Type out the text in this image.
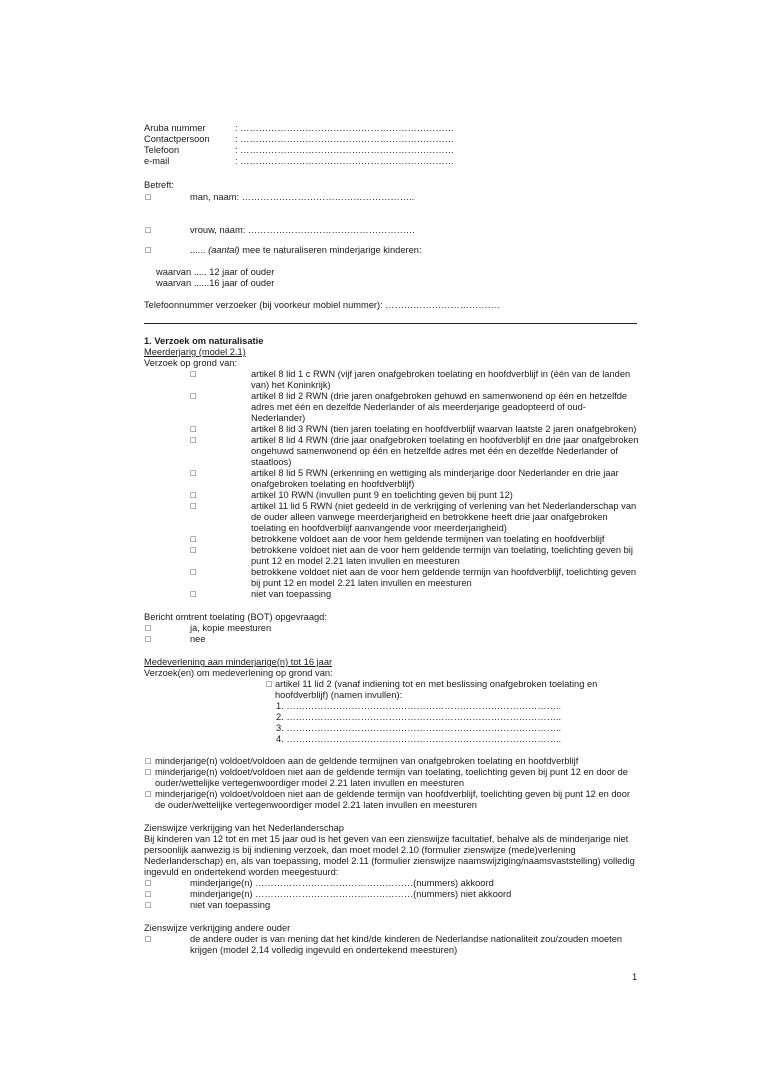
Aruba nummer	: ……………………………………………………………
Contactpersoon	: ……………………………………………………………
Telefoon	: ……………………………………………………………
e-mail	: ……………………………………………………………
Betreft:
□	man, naam: ………………………………………………..
□	vrouw, naam: ………………………………………………
□	...... (aantal) mee te naturaliseren minderjarige kinderen:
waarvan ..... 12 jaar of ouder
waarvan ......16 jaar of ouder
Telefoonnummer verzoeker (bij voorkeur mobiel nummer): ……………………………….
1. Verzoek om naturalisatie
Meerderjarig (model 2.1)
Verzoek op grond van:
□	artikel 8 lid 1 c RWN (vijf jaren onafgebroken toelating en hoofdverblijf in (één van de landen van) het Koninkrijk)
□	artikel 8 lid 2 RWN (drie jaren onafgebroken gehuwd en samenwonend op één en hetzelfde adres met één en dezelfde Nederlander of als meerderjarige geadopteerd of oud-Nederlander)
□	artikel 8 lid 3 RWN (tien jaren toelating en hoofdverblijf waarvan laatste 2 jaren onafgebroken)
□	artikel 8 lid 4 RWN (drie jaar onafgebroken toelating en hoofdverblijf en drie jaar onafgebroken ongehuwd samenwonend op één en hetzelfde adres met één en dezelfde Nederlander of staatloos)
□	artikel 8 lid 5 RWN (erkenning en wettiging als minderjarige door Nederlander en drie jaar onafgebroken toelating en hoofdverblijf)
□	artikel 10 RWN (invullen punt 9 en toelichting geven bij punt 12)
□	artikel 11 lid 5 RWN (niet gedeeld in de verkrijging of verlening van het Nederlanderschap van de ouder alleen vanwege meerderjarigheid en betrokkene heeft drie jaar onafgebroken toelating en hoofdverblijf aanvangende voor meerderjarigheid)
□	betrokkene voldoet aan de voor hem geldende termijnen van toelating en hoofdverblijf
□	betrokkene voldoet niet aan de voor hem geldende termijn van toelating, toelichting geven bij punt 12 en model 2.21 laten invullen en meesturen
□	betrokkene voldoet niet aan de voor hem geldende termijn van hoofdverblijf, toelichting geven bij punt 12 en model 2.21 laten invullen en meesturen
□	niet van toepassing
Bericht omtrent toelating (BOT) opgevraagd:
□	ja, kopie meesturen
□	nee
Medeverlening aan minderjarige(n) tot 16 jaar
Verzoek(en) om medeverlening op grond van:
□ artikel 11 lid 2 (vanaf indiening tot en met beslissing onafgebroken toelating en hoofdverblijf) (namen invullen):
1. ……………………………………………………………………………..
2. ……………………………………………………………………………..
3. ……………………………………………………………………………..
4. ……………………………………………………………………………..
□ minderjarige(n) voldoet/voldoen aan de geldende termijnen van onafgebroken toelating en hoofdverblijf
□ minderjarige(n) voldoet/voldoen niet aan de geldende termijn van toelating, toelichting geven bij punt 12 en door de ouder/wettelijke vertegenwoordiger model 2.21 laten invullen en meesturen
□ minderjarige(n) voldoet/voldoen niet aan de geldende termijn van hoofdverblijf, toelichting geven bij punt 12 en door de ouder/wettelijke vertegenwoordiger model 2.21 laten invullen en meesturen
Zienswijze verkrijging van het Nederlanderschap
Bij kinderen van 12 tot en met 15 jaar oud is het geven van een zienswijze facultatief, behalve als de minderjarige niet persoonlijk aanwezig is bij indiening verzoek, dan moet model 2.10 (formulier zienswijze (mede)verlening Nederlanderschap) en, als van toepassing, model 2.11 (formulier zienswijze naamswijziging/naamsvaststelling) volledig ingevuld en ondertekend worden meegestuurd:
□	minderjarige(n) ……………………………………………(nummers) akkoord
□	minderjarige(n) ……………………………………………(nummers) niet akkoord
□	niet van toepassing
Zienswijze verkrijging andere ouder
□	de andere ouder is van mening dat het kind/de kinderen de Nederlandse nationaliteit zou/zouden moeten krijgen (model 2.14 volledig ingevuld en ondertekend meesturen)
1
